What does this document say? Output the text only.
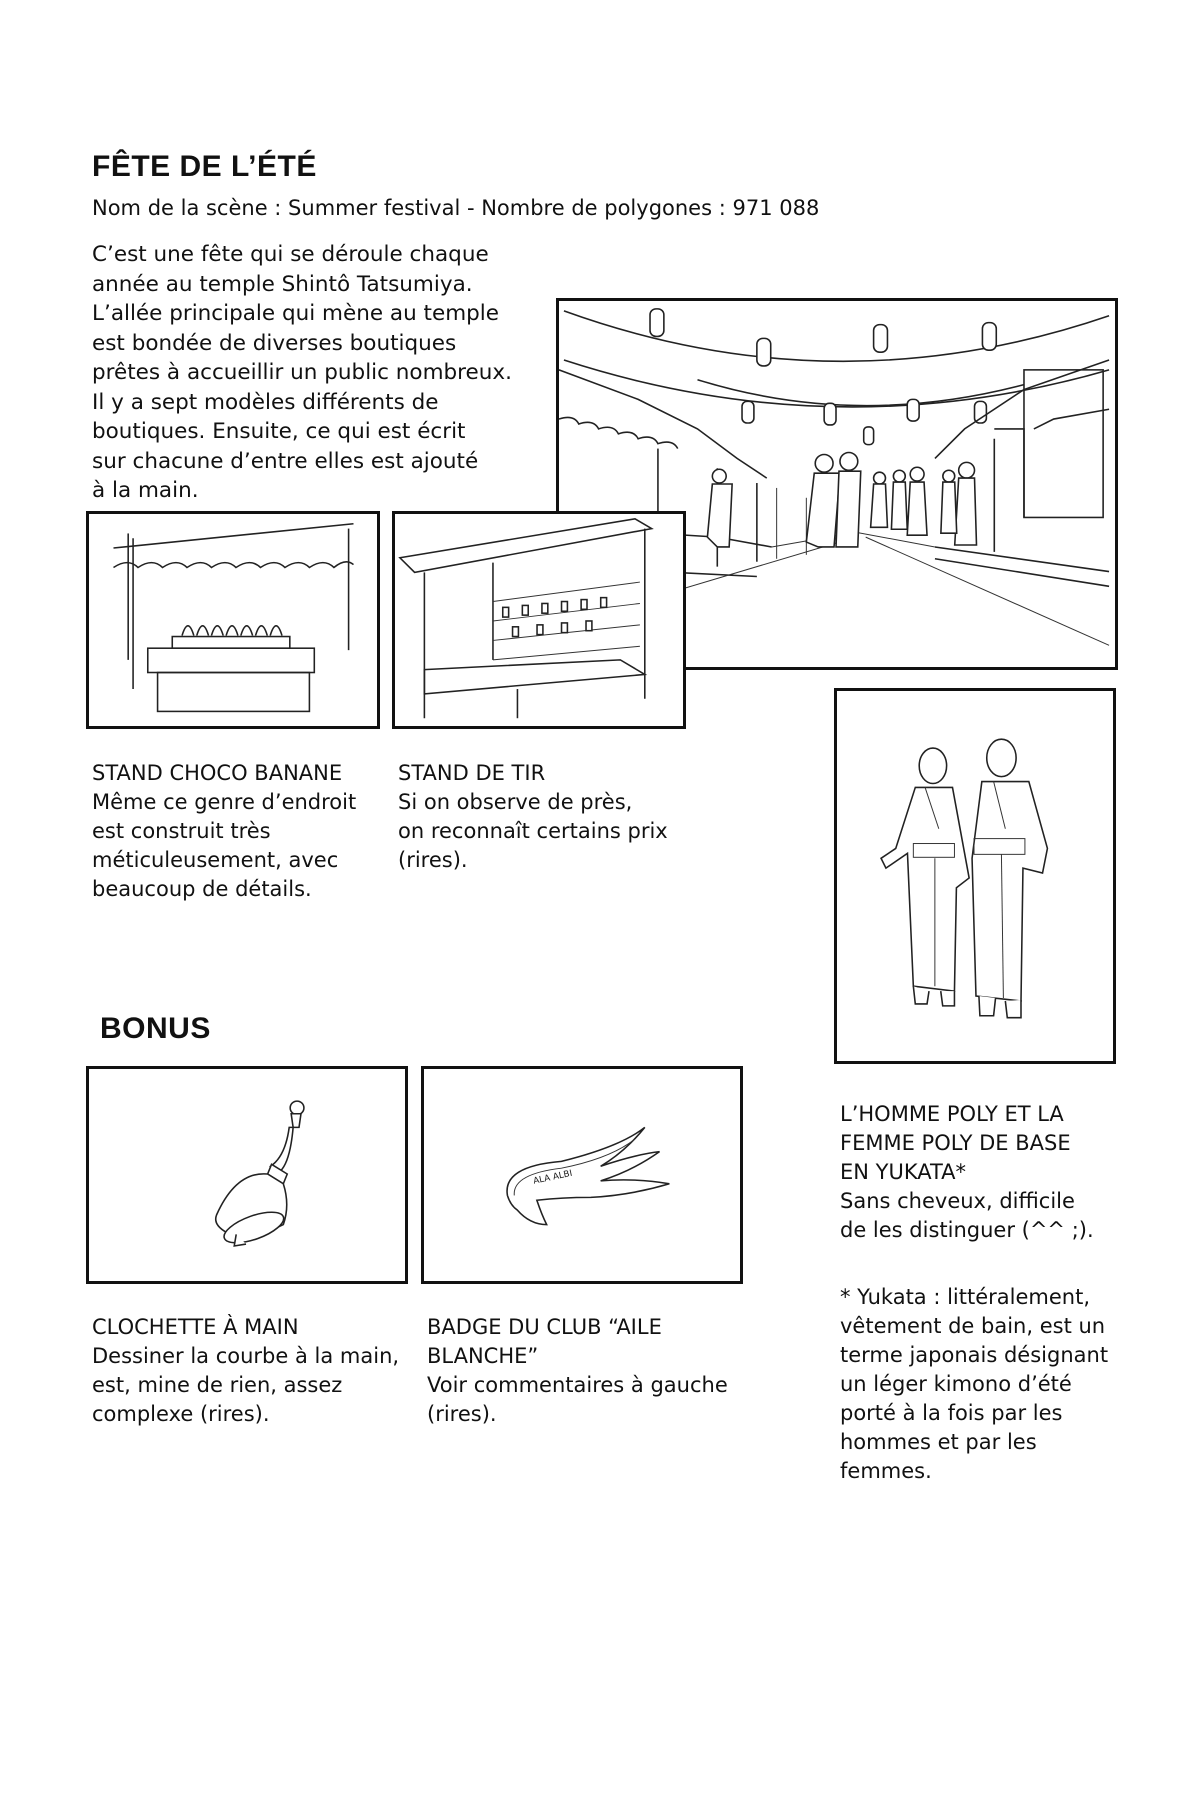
FÊTE DE L’ÉTÉ

Nom de la scène : Summer festival - Nombre de polygones : 971 088

C’est une fête qui se déroule chaque
année au temple Shintô Tatsumiya.
L’allée principale qui mène au temple
est bondée de diverses boutiques
prêtes à accueillir un public nombreux.
Il y a sept modèles différents de
boutiques. Ensuite, ce qui est écrit
sur chacune d’entre elles est ajouté
à la main.

STAND CHOCO BANANE
Même ce genre d’endroit
est construit très
méticuleusement, avec
beaucoup de détails.

STAND DE TIR
Si on observe de près,
on reconnaît certains prix
(rires).

L’HOMME POLY ET LA
FEMME POLY DE BASE
EN YUKATA*
Sans cheveux, difficile
de les distinguer (^^ ;).

* Yukata : littéralement,
vêtement de bain, est un
terme japonais désignant
un léger kimono d’été
porté à la fois par les
hommes et par les
femmes.

BONUS
ALA ALBI

CLOCHETTE À MAIN
Dessiner la courbe à la main,
est, mine de rien, assez
complexe (rires).

BADGE DU CLUB “AILE BLANCHE”
Voir commentaires à gauche
(rires).
